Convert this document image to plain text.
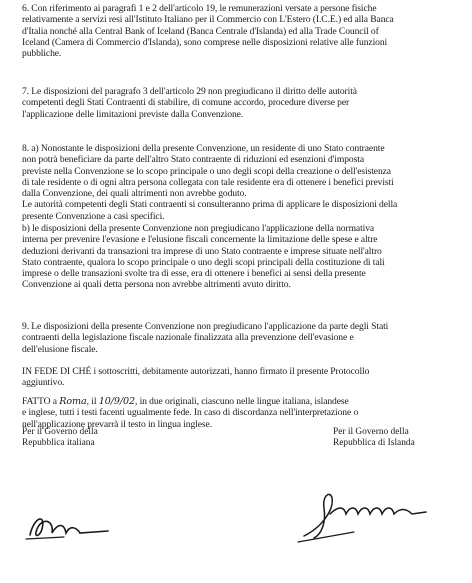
6. Con riferimento ai paragrafi 1 e 2 dell'articolo 19, le remunerazioni versate a persone fisiche
relativamente a servizi resi all'Istituto Italiano per il Commercio con L'Estero (I.C.E.) ed alla Banca
d'Italia nonché alla Central Bank of Iceland (Banca Centrale d'Islanda) ed alla Trade Council of
Iceland (Camera di Commercio d'Islanda), sono comprese nelle disposizioni relative alle funzioni
pubbliche.

7. Le disposizioni del paragrafo 3 dell'articolo 29 non pregiudicano il diritto delle autorità
competenti degli Stati Contraenti di stabilire, di comune accordo, procedure diverse per
l'applicazione delle limitazioni previste dalla Convenzione.

8. a) Nonostante le disposizioni della presente Convenzione, un residente di uno Stato contraente
non potrà beneficiare da parte dell'altro Stato contraente di riduzioni ed esenzioni d'imposta
previste nella Convenzione se lo scopo principale o uno degli scopi della creazione o dell'esistenza
di tale residente o di ogni altra persona collegata con tale residente era di ottenere i benefici previsti
dalla Convenzione, dei quali altrimenti non avrebbe goduto.
Le autorità competenti degli Stati contraenti si consulteranno prima di applicare le disposizioni della
presente Convenzione a casi specifici.

b) le disposizioni della presente Convenzione non pregiudicano l'applicazione della normativa
interna per prevenire l'evasione e l'elusione fiscali concernente la limitazione delle spese e altre
deduzioni derivanti da transazioni tra imprese di uno Stato contraente e imprese situate nell'altro
Stato contraente, qualora lo scopo principale o uno degli scopi principali della costituzione di tali
imprese o delle transazioni svolte tra di esse, era di ottenere i benefici ai sensi della presente
Convenzione ai quali detta persona non avrebbe altrimenti avuto diritto.

9. Le disposizioni della presente Convenzione non pregiudicano l'applicazione da parte degli Stati
contraenti della legislazione fiscale nazionale finalizzata alla prevenzione dell'evasione e
dell'elusione fiscale.

IN FEDE DI CHÉ i sottoscritti, debitamente autorizzati, hanno firmato il presente Protocollo
aggiuntivo.

FATTO a Roma, il 10/9/02, in due originali, ciascuno nelle lingue italiana, islandese
e inglese, tutti i testi facenti ugualmente fede. In caso di discordanza nell'interpretazione o
nell'applicazione prevarrà il testo in lingua inglese.

Per il Governo della
Repubblica italiana
Per il Governo della
Repubblica di Islanda
